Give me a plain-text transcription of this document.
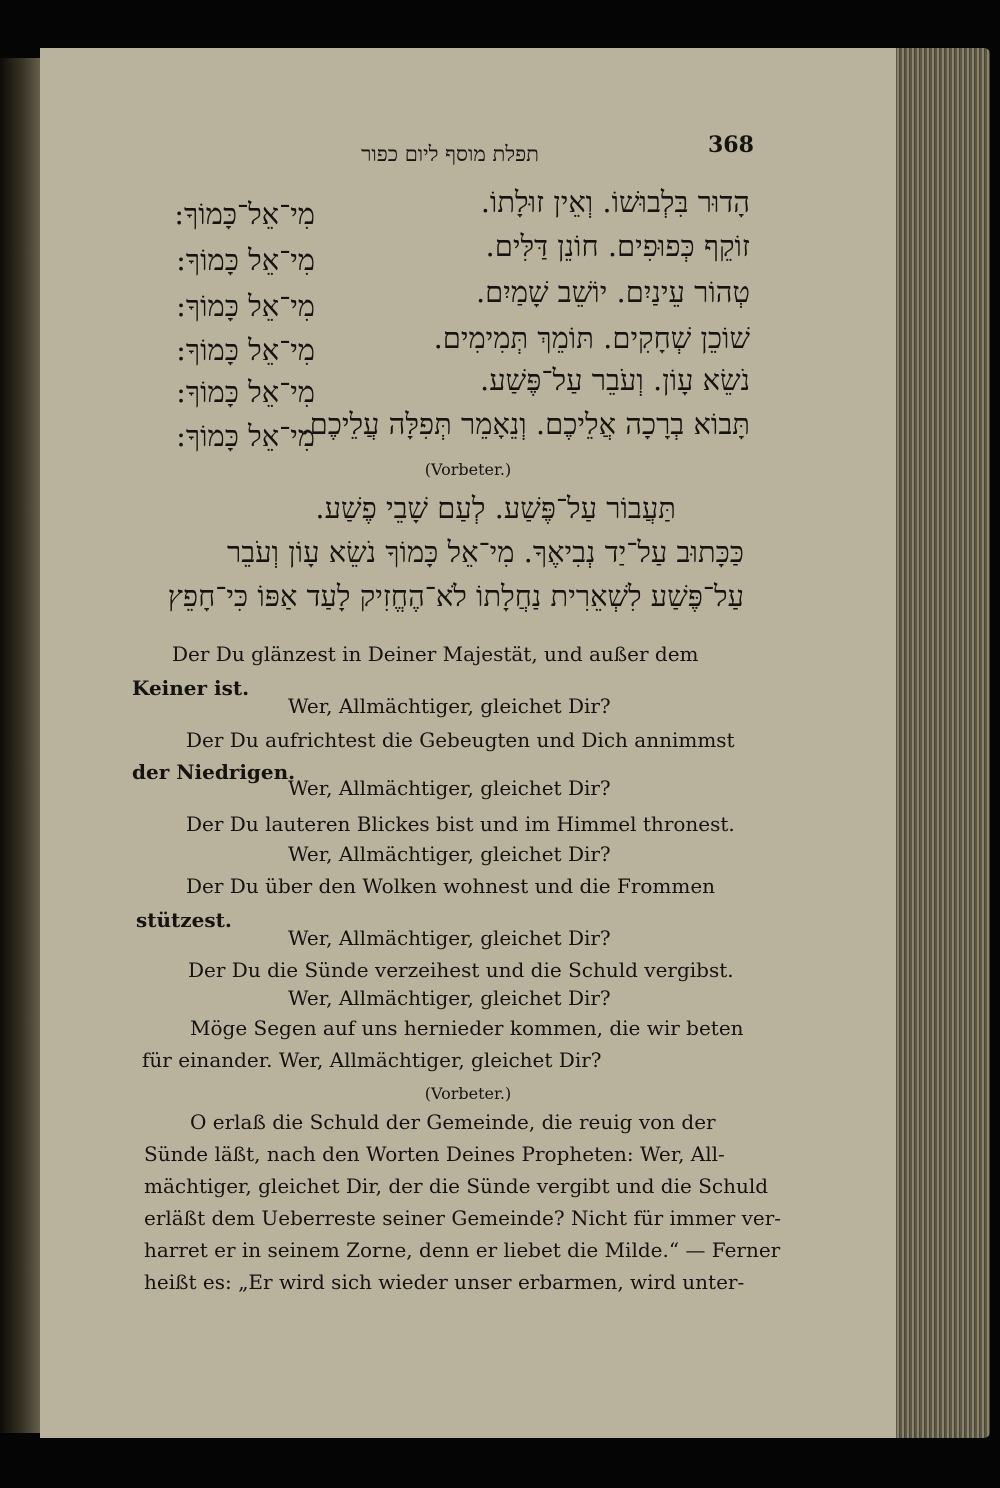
368
תפלת מוסף ליום כפור
הָדוּר בִּלְבוּשׁוֹ. וְאֵין זוּלָתוֹ.
מִי־אֵל־כָּמוֹךָ:
זוֹקֵף כְּפוּפִים. חוֹנֵן דַּלִּים.
מִי־אֵל כָּמוֹךָ:
טְהוֹר עֵינַיִם. יוֹשֵׁב שָׁמַיִם.
מִי־אֵל כָּמוֹךָ:
שׁוֹכֵן שְׁחָקִים. תּוֹמֵךְ תְּמִימִים.
מִי־אֵל כָּמוֹךָ:
נֹשֵׂא עָוֹן. וְעֹבֵר עַל־פֶּשַׁע.
מִי־אֵל כָּמוֹךָ:
תָּבוֹא בְרָכָה אֲלֵיכֶם. וְנֵאָמֵר תְּפִלָּה עֲלֵיכֶם.
מִי־אֵל כָּמוֹךָ:
(Vorbeter.)
תַּעֲבוֹר עַל־פֶּשַׁע. לְעַם שָׁבֵי פֶשַׁע.
כַּכָּתוּב עַל־יַד נְבִיאֶךָ. מִי־אֵל כָּמוֹךָ נֹשֵׂא עָוֹן וְעֹבֵר
עַל־פֶּשַׁע לִשְׁאֵרִית נַחֲלָתוֹ לֹא־הֶחֱזִיק לָעַד אַפּוֹ כִּי־חָפֵץ
Der Du glänzest in Deiner Majestät, und außer dem
Keiner ist.
Wer, Allmächtiger, gleichet Dir?
Der Du aufrichtest die Gebeugten und Dich annimmst
der Niedrigen.
Wer, Allmächtiger, gleichet Dir?
Der Du lauteren Blickes bist und im Himmel thronest.
Wer, Allmächtiger, gleichet Dir?
Der Du über den Wolken wohnest und die Frommen
stützest.
Wer, Allmächtiger, gleichet Dir?
Der Du die Sünde verzeihest und die Schuld vergibst.
Wer, Allmächtiger, gleichet Dir?
Möge Segen auf uns hernieder kommen, die wir beten
für einander. Wer, Allmächtiger, gleichet Dir?
(Vorbeter.)
O erlaß die Schuld der Gemeinde, die reuig von der
Sünde läßt, nach den Worten Deines Propheten: Wer, All-
mächtiger, gleichet Dir, der die Sünde vergibt und die Schuld
erläßt dem Ueberreste seiner Gemeinde? Nicht für immer ver-
harret er in seinem Zorne, denn er liebet die Milde.“ — Ferner
heißt es: „Er wird sich wieder unser erbarmen, wird unter-
